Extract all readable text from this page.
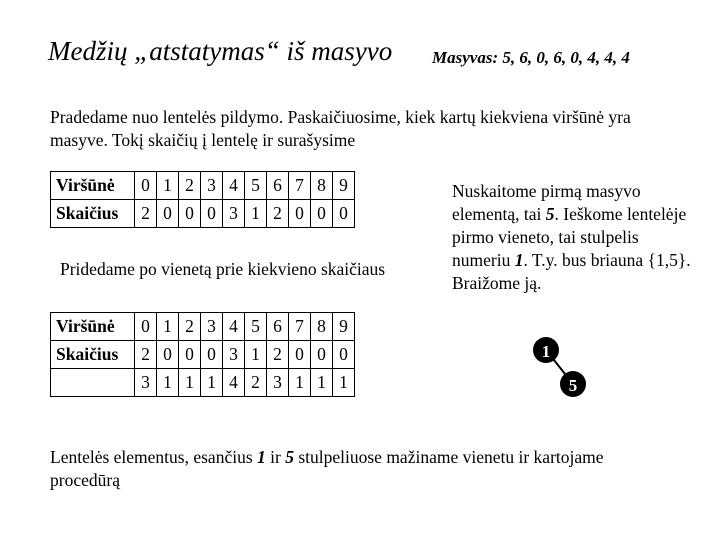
Medžių „atstatymas“ iš masyvo Masyvas: 5, 6, 0, 6, 0, 4, 4, 4
Pradedame nuo lentelės pildymo. Paskaičiuosime, kiek kartų kiekviena viršūnė yra masyve. Tokį skaičių į lentelę ir surašysime
Viršūnė	0	1	2	3	4	5	6	7	8	9
Skaičius	2	0	0	0	3	1	2	0	0	0
Nuskaitome pirmą masyvo elementą, tai 5. Ieškome lentelėje pirmo vieneto, tai stulpelis numeriu 1. T.y. bus briauna {1,5}. Braižome ją.
Pridedame po vienetą prie kiekvieno skaičiaus
Viršūnė	0	1	2	3	4	5	6	7	8	9
Skaičius	2	0	0	0	3	1	2	0	0	0
	3	1	1	1	4	2	3	1	1	1
1
5
Lentelės elementus, esančius 1 ir 5 stulpeliuose mažiname vienetu ir kartojame procedūrą
